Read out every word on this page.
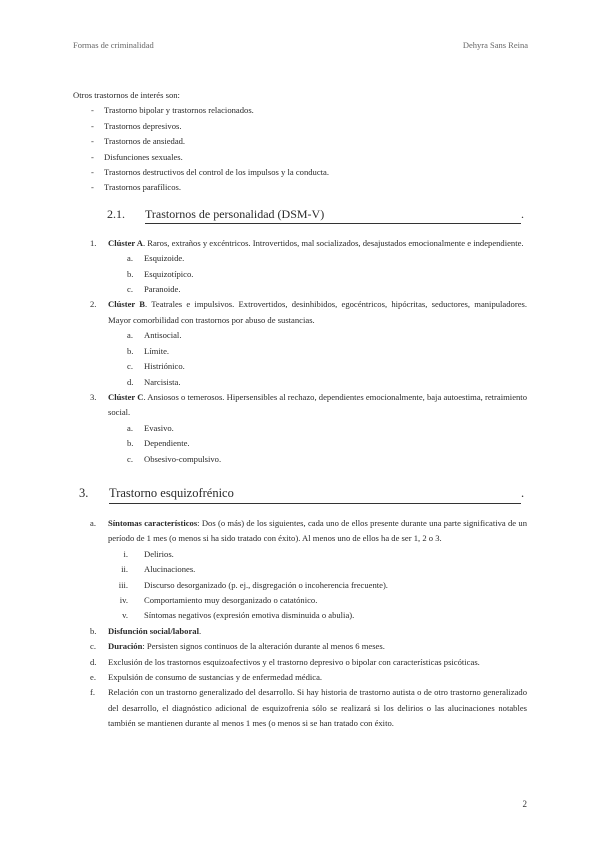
Formas de criminalidad	Dehyra Sans Reina

Otros trastornos de interés son:

- Trastorno bipolar y trastornos relacionados.
- Trastornos depresivos.
- Trastornos de ansiedad.
- Disfunciones sexuales.
- Trastornos destructivos del control de los impulsos y la conducta.
- Trastornos parafílicos.
2.1.	Trastornos de personalidad (DSM-V)	.
1. Clúster A. Raros, extraños y excéntricos. Introvertidos, mal socializados, desajustados emocionalmente e independiente.
a. Esquizoide.
b. Esquizotípico.
c. Paranoide.
2. Clúster B. Teatrales e impulsivos. Extrovertidos, desinhibidos, egocéntricos, hipócritas, seductores, manipuladores. Mayor comorbilidad con trastornos por abuso de sustancias.
a. Antisocial.
b. Límite.
c. Histriónico.
d. Narcisista.
3. Clúster C. Ansiosos o temerosos. Hipersensibles al rechazo, dependientes emocionalmente, baja autoestima, retraimiento social.
a. Evasivo.
b. Dependiente.
c. Obsesivo-compulsivo.
3.	Trastorno esquizofrénico	.
a. Síntomas característicos: Dos (o más) de los siguientes, cada uno de ellos presente durante una parte significativa de un período de 1 mes (o menos si ha sido tratado con éxito). Al menos uno de ellos ha de ser 1, 2 o 3.
i. Delirios.
ii. Alucinaciones.
iii. Discurso desorganizado (p. ej., disgregación o incoherencia frecuente).
iv. Comportamiento muy desorganizado o catatónico.
v. Síntomas negativos (expresión emotiva disminuida o abulia).
b. Disfunción social/laboral.
c. Duración: Persisten signos continuos de la alteración durante al menos 6 meses.
d. Exclusión de los trastornos esquizoafectivos y el trastorno depresivo o bipolar con características psicóticas.
e. Expulsión de consumo de sustancias y de enfermedad médica.
f. Relación con un trastorno generalizado del desarrollo. Si hay historia de trastorno autista o de otro trastorno generalizado del desarrollo, el diagnóstico adicional de esquizofrenia sólo se realizará si los delirios o las alucinaciones notables también se mantienen durante al menos 1 mes (o menos si se han tratado con éxito.
2
